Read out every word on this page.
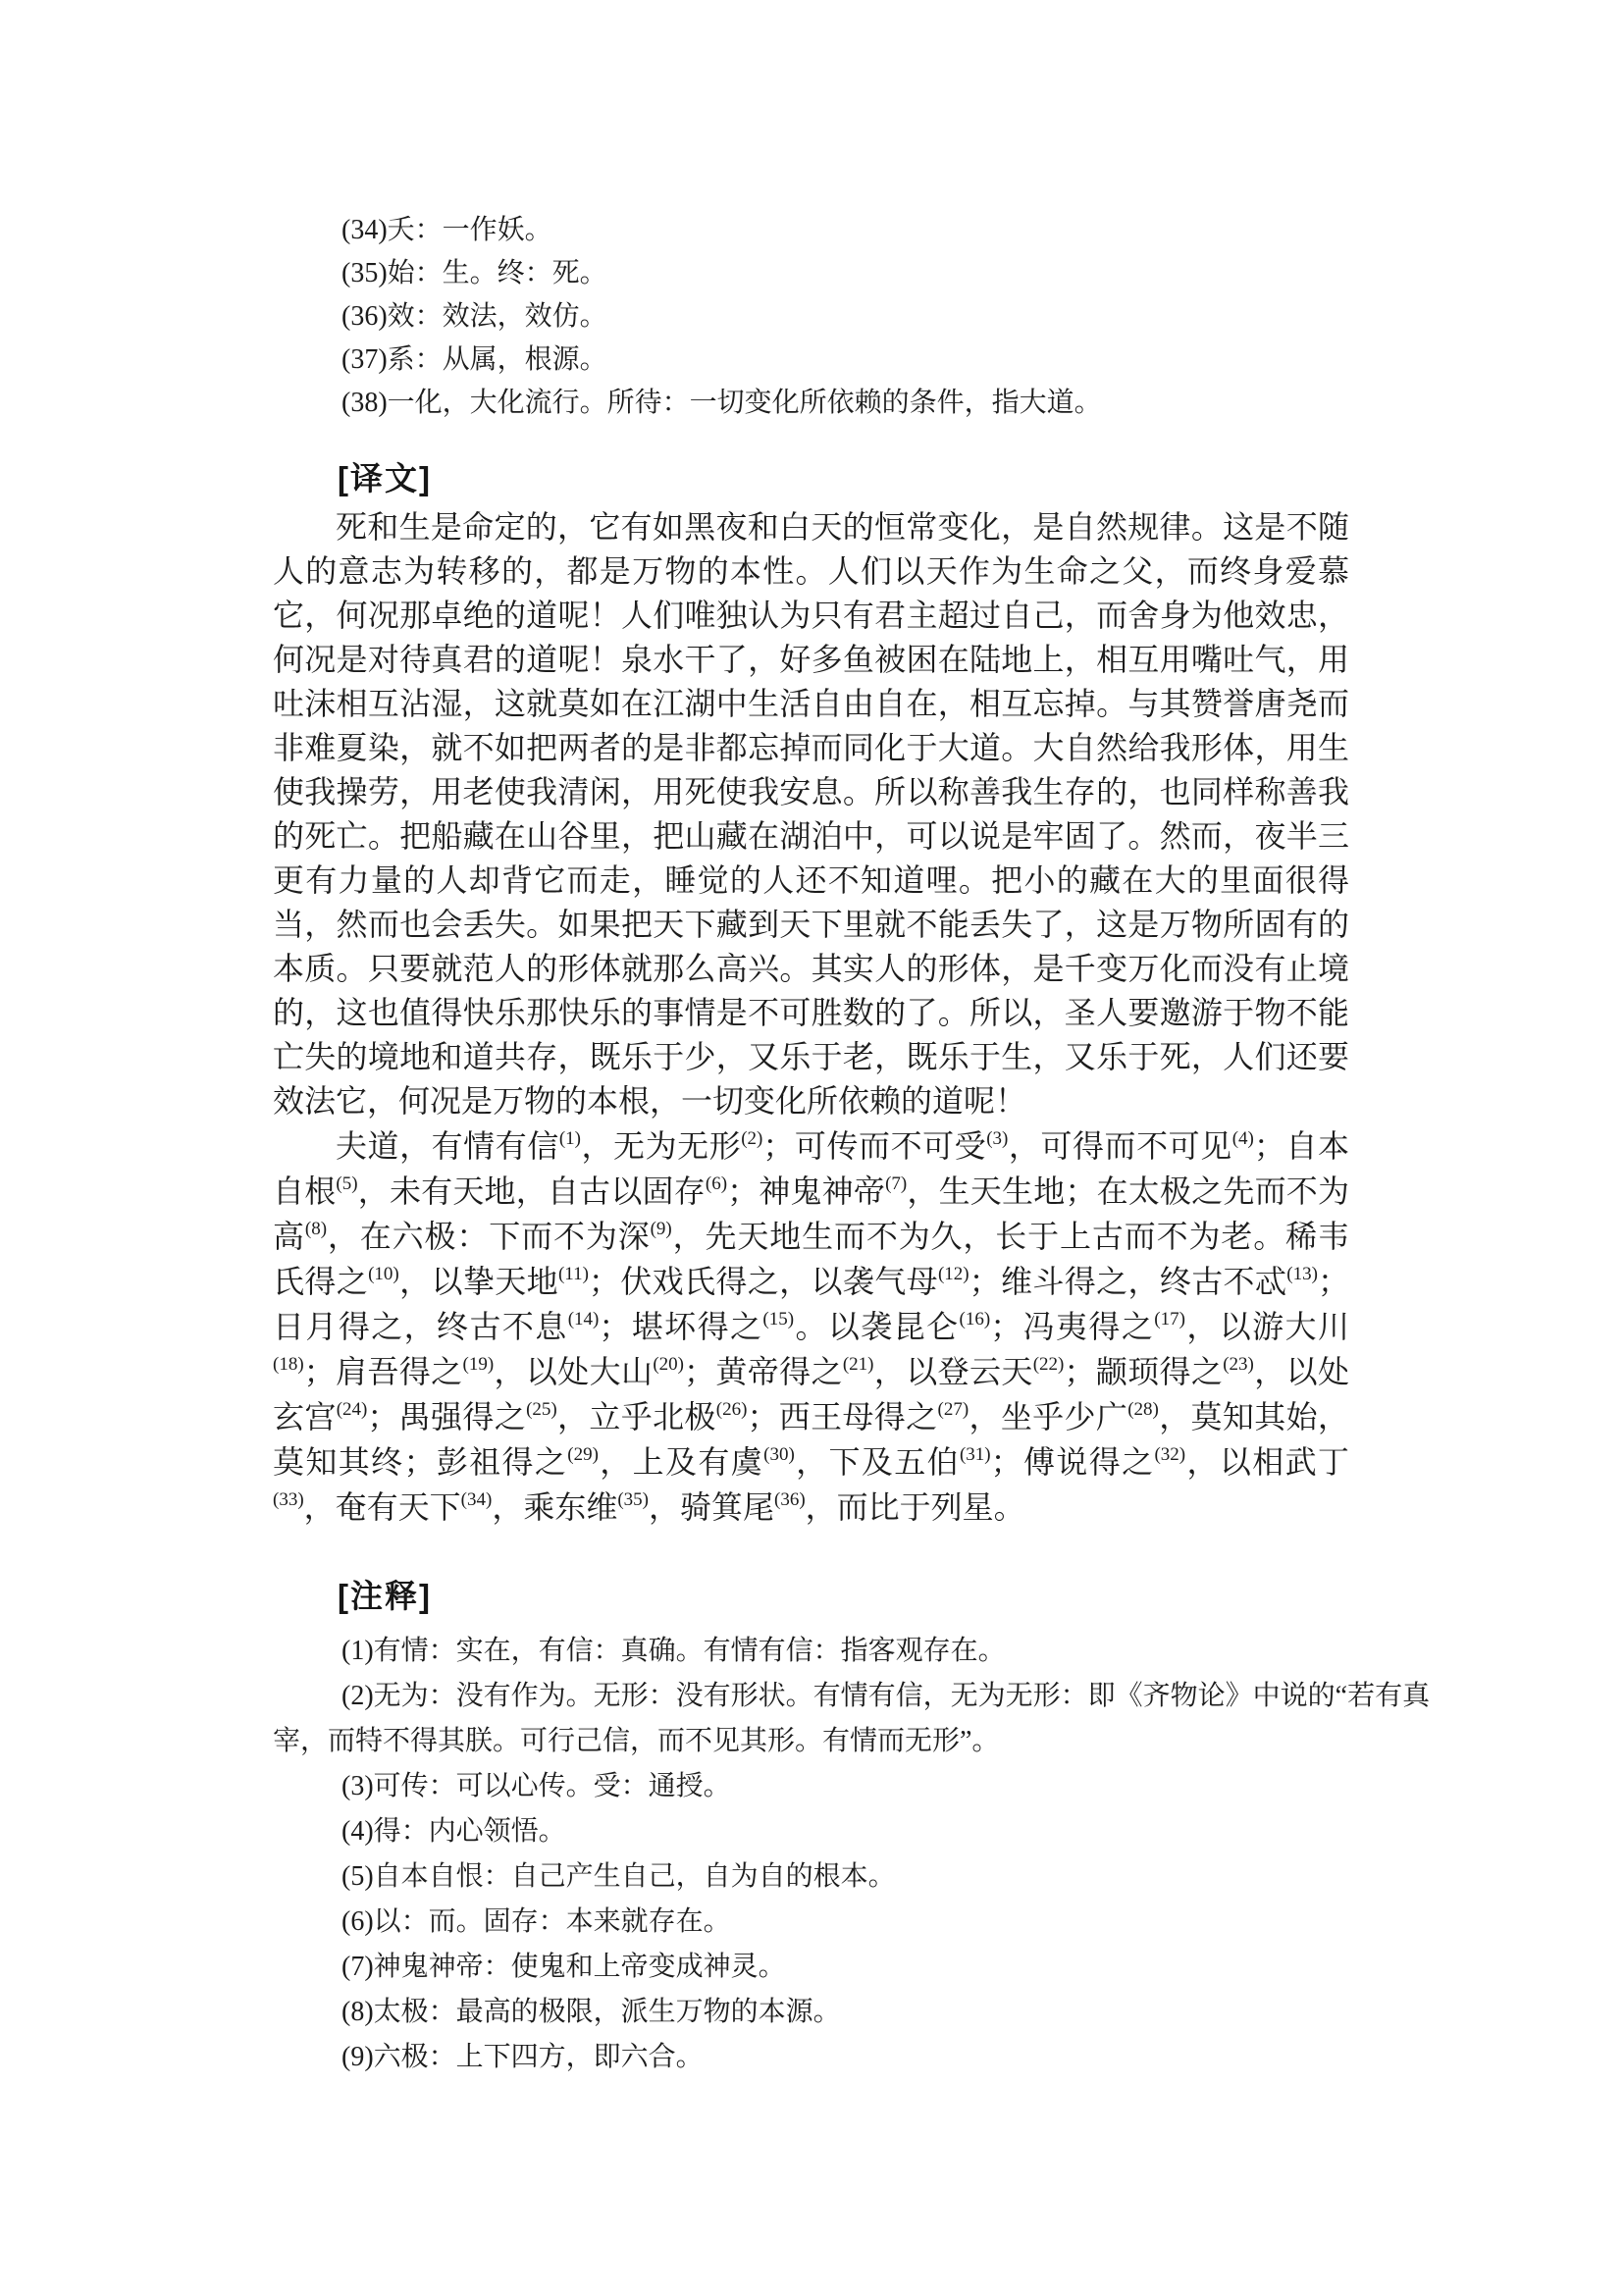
(34)夭：一作妖。

(35)始：生。终：死。

(36)效：效法，效仿。

(37)系：从属，根源。

(38)一化，大化流行。所待：一切变化所依赖的条件，指大道。

[译文]

死和生是命定的，它有如黑夜和白天的恒常变化，是自然规律。这是不随人的意志为转移的，都是万物的本性。人们以天作为生命之父，而终身爱慕它，何况那卓绝的道呢！人们唯独认为只有君主超过自己，而舍身为他效忠，何况是对待真君的道呢！泉水干了，好多鱼被困在陆地上，相互用嘴吐气，用吐沫相互沾湿，这就莫如在江湖中生活自由自在，相互忘掉。与其赞誉唐尧而非难夏染，就不如把两者的是非都忘掉而同化于大道。大自然给我形体，用生使我操劳，用老使我清闲，用死使我安息。所以称善我生存的，也同样称善我的死亡。把船藏在山谷里，把山藏在湖泊中，可以说是牢固了。然而，夜半三更有力量的人却背它而走，睡觉的人还不知道哩。把小的藏在大的里面很得当，然而也会丢失。如果把天下藏到天下里就不能丢失了，这是万物所固有的本质。只要就范人的形体就那么高兴。其实人的形体，是千变万化而没有止境的，这也值得快乐那快乐的事情是不可胜数的了。所以，圣人要邀游于物不能亡失的境地和道共存，既乐于少，又乐于老，既乐于生，又乐于死，人们还要效法它，何况是万物的本根，一切变化所依赖的道呢！

夫道，有情有信$^{(1)}$，无为无形$^{(2)}$；可传而不可受$^{(3)}$，可得而不可见$^{(4)}$；自本自根$^{(5)}$，未有天地，自古以固存$^{(6)}$；神鬼神帝$^{(7)}$，生天生地；在太极之先而不为高$^{(8)}$，在六极：下而不为深$^{(9)}$，先天地生而不为久，长于上古而不为老。稀韦氏得之$^{(10)}$，以挚天地$^{(11)}$；伏戏氏得之，以袭气母$^{(12)}$；维斗得之，终古不忒$^{(13)}$；日月得之，终古不息$^{(14)}$；堪坏得之$^{(15)}$。以袭昆仑$^{(16)}$；冯夷得之$^{(17)}$，以游大川$^{(18)}$；肩吾得之$^{(19)}$，以处大山$^{(20)}$；黄帝得之$^{(21)}$，以登云天$^{(22)}$；颛顼得之$^{(23)}$，以处玄宫$^{(24)}$；禺强得之$^{(25)}$，立乎北极$^{(26)}$；西王母得之$^{(27)}$，坐乎少广$^{(28)}$，莫知其始，莫知其终；彭祖得之$^{(29)}$，上及有虞$^{(30)}$，下及五伯$^{(31)}$；傅说得之$^{(32)}$，以相武丁$^{(33)}$，奄有天下$^{(34)}$，乘东维$^{(35)}$，骑箕尾$^{(36)}$，而比于列星。

[注释]

(1)有情：实在，有信：真确。有情有信：指客观存在。

(2)无为：没有作为。无形：没有形状。有情有信，无为无形：即《齐物论》中说的“若有真宰，而特不得其朕。可行己信，而不见其形。有情而无形”。

(3)可传：可以心传。受：通授。

(4)得：内心领悟。

(5)自本自恨：自己产生自己，自为自的根本。

(6)以：而。固存：本来就存在。

(7)神鬼神帝：使鬼和上帝变成神灵。

(8)太极：最高的极限，派生万物的本源。

(9)六极：上下四方，即六合。
